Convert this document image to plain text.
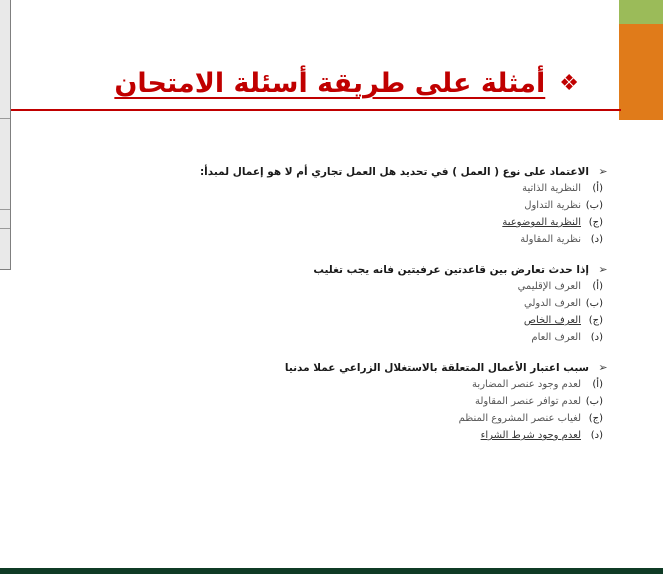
❖أمثلة على طريقة أسئلة الامتحان
➢
الاعتماد على نوع ( العمل ) في تحديد هل العمل تجاري أم لا هو إعمال لمبدأ:
(أ)
النظرية الذاتية
(ب)
نظرية التداول
(ج)
النظرية الموضوعية
(د)
نظرية المقاولة
➢
إذا حدث تعارض بين قاعدتين عرفيتين فانه يجب تغليب
(أ)
العرف الإقليمي
(ب)
العرف الدولي
(ج)
العرف الخاص
(د)
العرف العام
➢
سبب اعتبار الأعمال المتعلقة بالاستغلال الزراعي عملا مدنيا
(أ)
لعدم وجود عنصر المضاربة
(ب)
لعدم توافر عنصر المقاولة
(ج)
لغياب عنصر المشروع المنظم
(د)
لعدم وجود شرط الشراء
